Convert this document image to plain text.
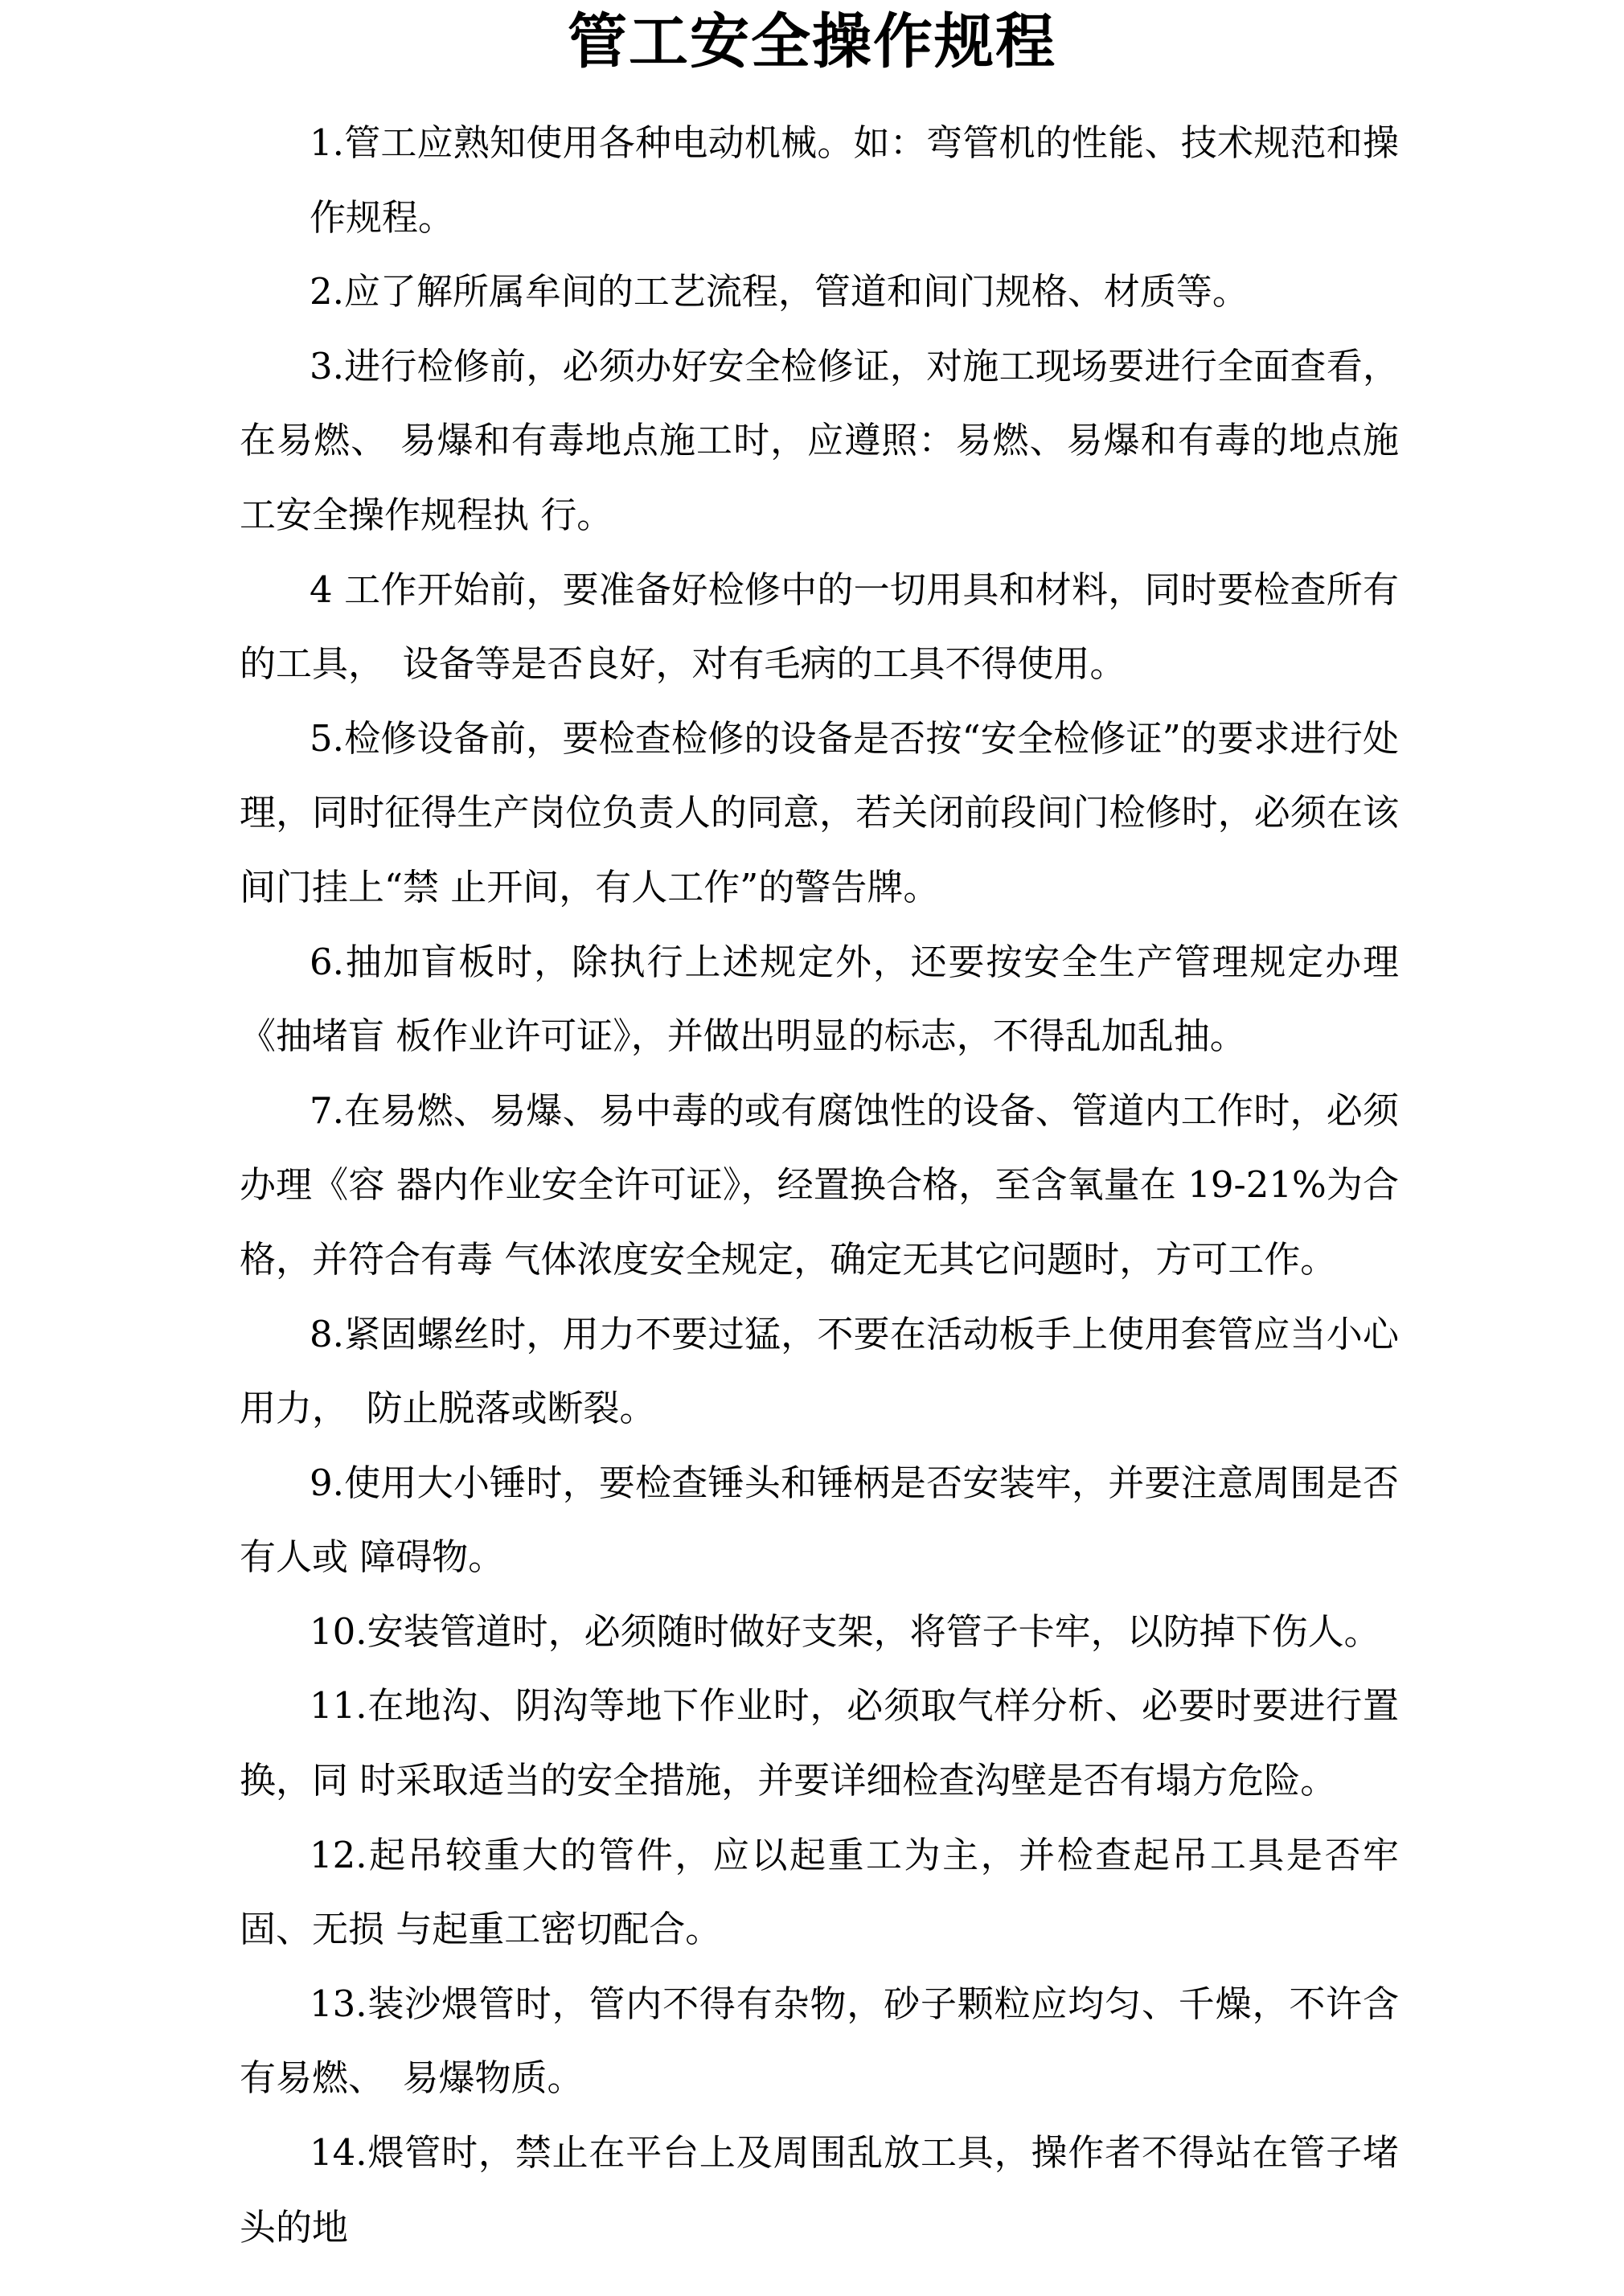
管工安全操作规程

1.管工应熟知使用各种电动机械。如：弯管机的性能、技术规范和操作规程。

2.应了解所属牟间的工艺流程，管道和间门规格、材质等。

3.进行检修前，必须办好安全检修证，对施工现场要进行全面查看，在易燃、 易爆和有毒地点施工时，应遵照：易燃、易爆和有毒的地点施工安全操作规程执 行。

4 工作开始前，要准备好检修中的一切用具和材料，同时要检查所有的工具，　设备等是否良好，对有毛病的工具不得使用。

5.检修设备前，要检查检修的设备是否按“安全检修证”的要求进行处理，同时征得生产岗位负责人的同意，若关闭前段间门检修时，必须在该间门挂上“禁 止开间，有人工作”的警告牌。

6.抽加盲板时，除执行上述规定外，还要按安全生产管理规定办理《抽堵盲 板作业许可证》，并做出明显的标志，不得乱加乱抽。

7.在易燃、易爆、易中毒的或有腐蚀性的设备、管道内工作时，必须办理《容 器内作业安全许可证》，经置换合格，至含氧量在 19-21%为合格，并符合有毒 气体浓度安全规定，确定无其它问题时，方可工作。

8.紧固螺丝时，用力不要过猛，不要在活动板手上使用套管应当小心用力，　防止脱落或断裂。

9.使用大小锤时，要检查锤头和锤柄是否安装牢，并要注意周围是否有人或 障碍物。

10.安装管道时，必须随时做好支架，将管子卡牢，以防掉下伤人。

11.在地沟、阴沟等地下作业时，必须取气样分析、必要时要进行置换，同 时采取适当的安全措施，并要详细检查沟壁是否有塌方危险。

12.起吊较重大的管件，应以起重工为主，并检查起吊工具是否牢固、无损 与起重工密切配合。

13.装沙煨管时，管内不得有杂物，砂子颗粒应均匀、千燥，不许含有易燃、　易爆物质。

14.煨管时，禁止在平台上及周围乱放工具，操作者不得站在管子堵头的地
